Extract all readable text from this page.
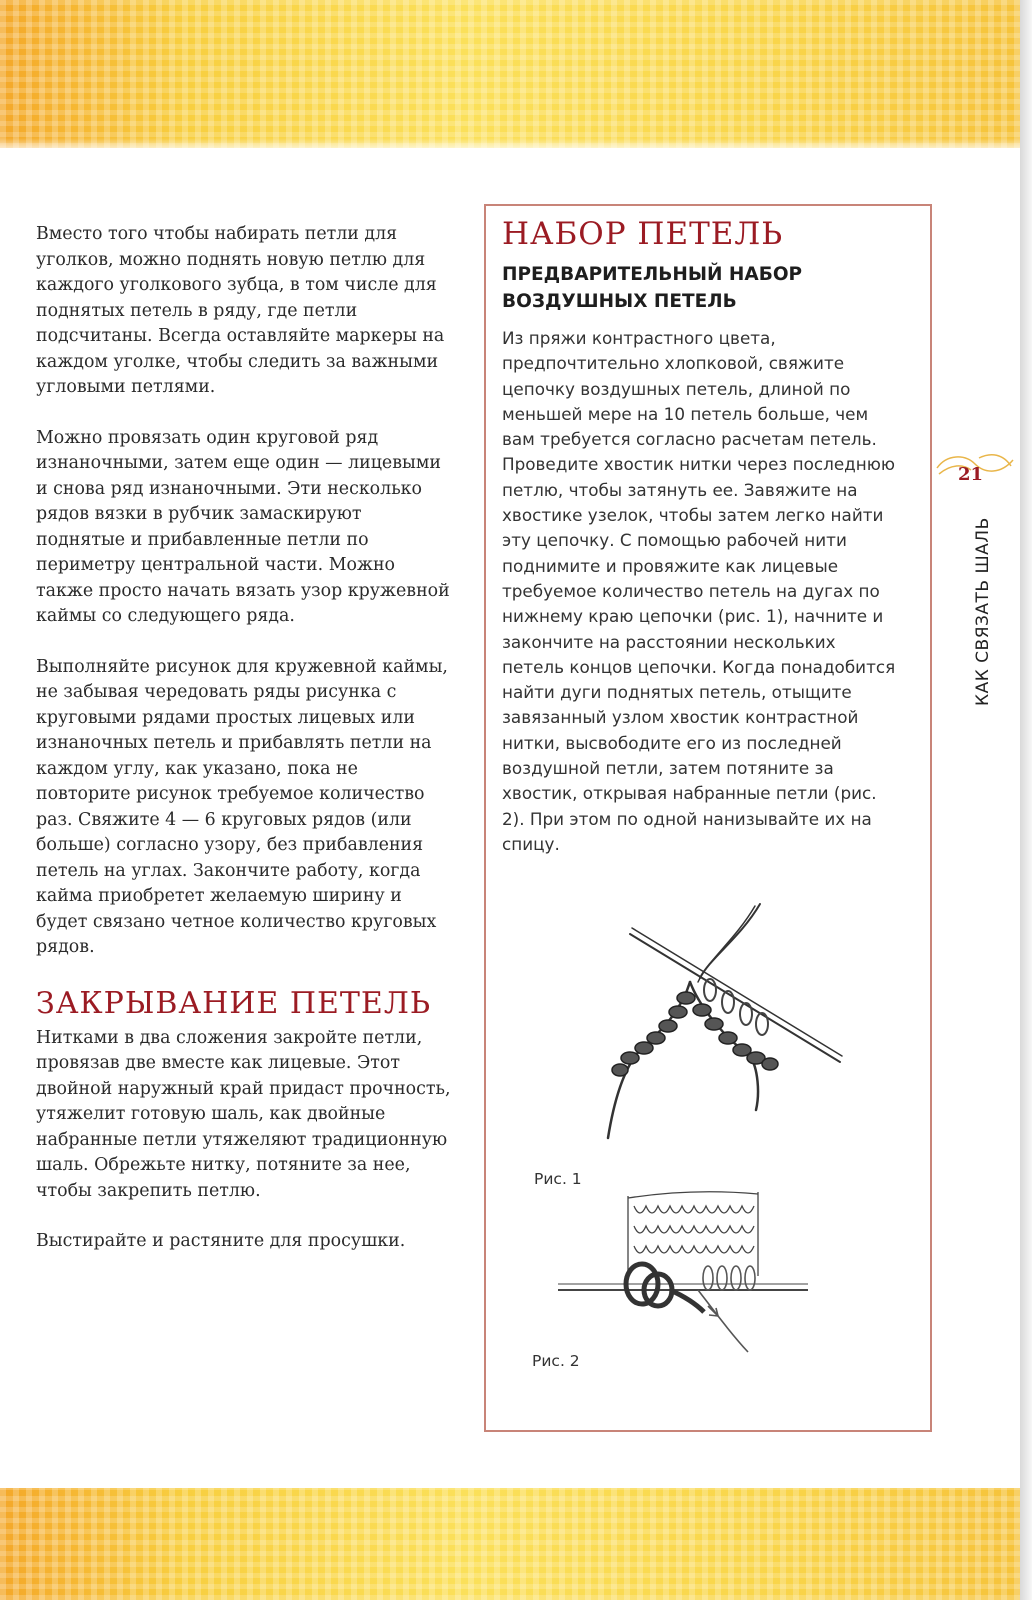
Вместо того чтобы набирать петли для уголков, можно поднять новую петлю для каждого уголкового зубца, в том числе для поднятых петель в ряду, где петли подсчитаны. Всегда оставляйте маркеры на каждом уголке, чтобы следить за важными угловыми петлями.

Можно провязать один круговой ряд изнаночными, затем еще один — лицевыми и снова ряд изнаночными. Эти несколько рядов вязки в рубчик замаскируют поднятые и прибавленные петли по периметру центральной части. Можно также просто начать вязать узор кружевной каймы со следующего ряда.

Выполняйте рисунок для кружевной каймы, не забывая чередовать ряды рисунка с круговыми рядами простых лицевых или изнаночных петель и прибавлять петли на каждом углу, как указано, пока не повторите рисунок требуемое количество раз. Свяжите 4 — 6 круговых рядов (или больше) согласно узору, без прибавления петель на углах. Закончите работу, когда кайма приобретет желаемую ширину и будет связано четное количество круговых рядов.

ЗАКРЫВАНИЕ ПЕТЕЛЬ

Нитками в два сложения закройте петли, провязав две вместе как лицевые. Этот двойной наружный край придаст прочность, утяжелит готовую шаль, как двойные набранные петли утяжеляют традиционную шаль. Обрежьте нитку, потяните за нее, чтобы закрепить петлю.

Выстирайте и растяните для просушки.

НАБОР ПЕТЕЛЬ
ПРЕДВАРИТЕЛЬНЫЙ НАБОР ВОЗДУШНЫХ ПЕТЕЛЬ
Из пряжи контрастного цвета, предпочтительно хлопковой, свяжите цепочку воздушных петель, длиной по меньшей мере на 10 петель больше, чем вам требуется согласно расчетам петель. Проведите хвостик нитки через последнюю петлю, чтобы затянуть ее. Завяжите на хвостике узелок, чтобы затем легко найти эту цепочку. С помощью рабочей нити поднимите и провяжите как лицевые требуемое количество петель на дугах по нижнему краю цепочки (рис. 1), начните и закончите на расстоянии нескольких петель концов цепочки. Когда понадобится найти дуги поднятых петель, отыщите завязанный узлом хвостик контрастной нитки, высвободите его из последней воздушной петли, затем потяните за хвостик, открывая набранные петли (рис. 2). При этом по одной нанизывайте их на спицу.
Рис. 1
Рис. 2
21
КАК СВЯЗАТЬ ШАЛЬ
